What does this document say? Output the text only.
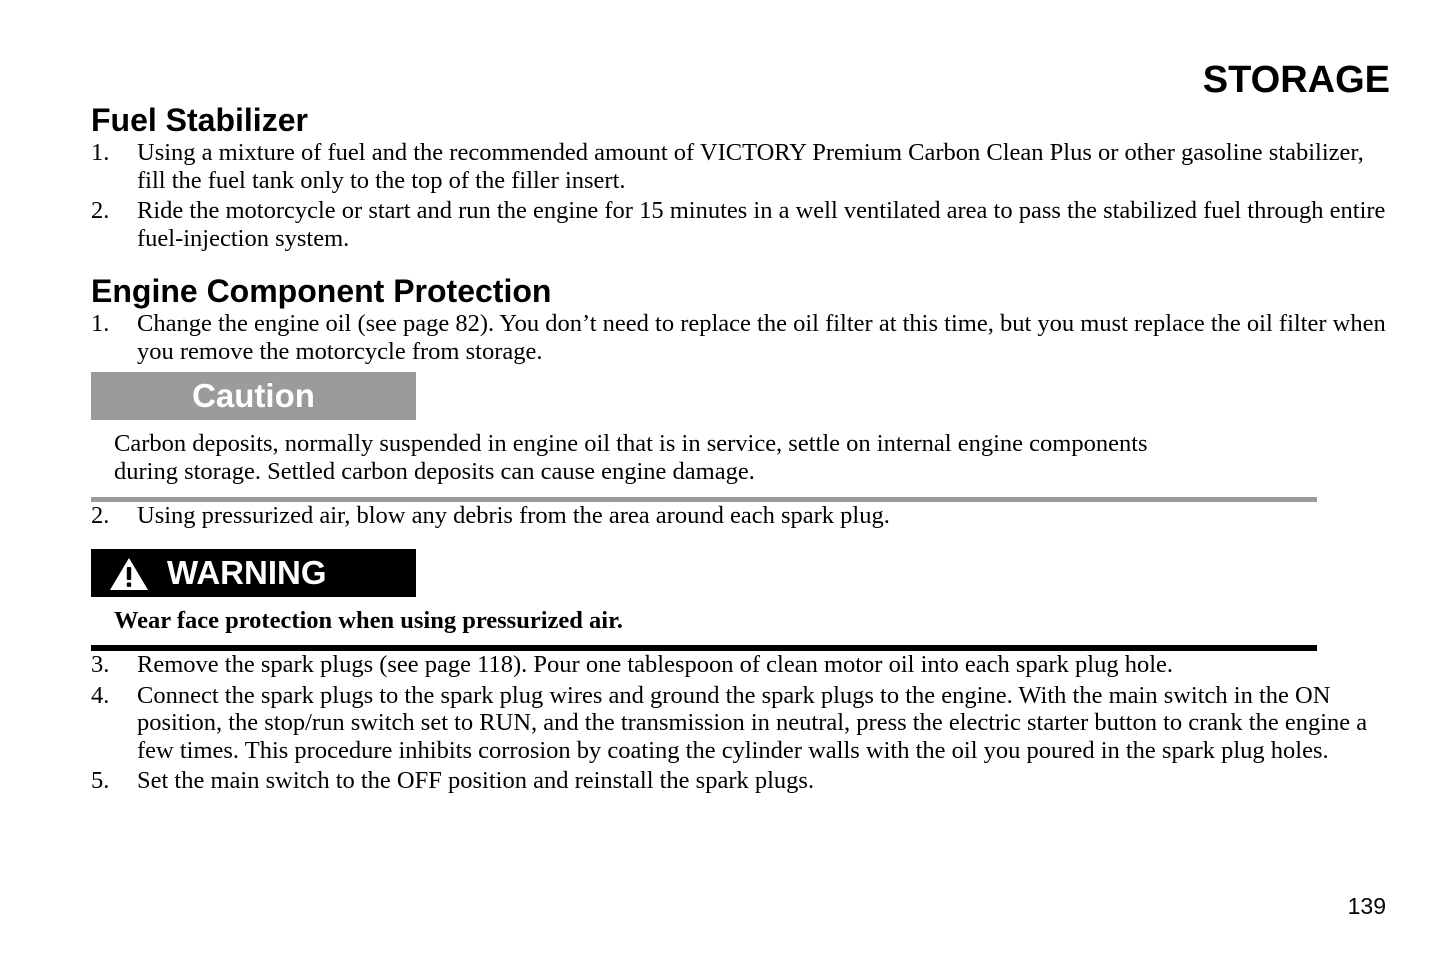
STORAGE
Fuel Stabilizer
1. Using a mixture of fuel and the recommended amount of VICTORY Premium Carbon Clean Plus or other gasoline stabilizer, fill the fuel tank only to the top of the filler insert.
2. Ride the motorcycle or start and run the engine for 15 minutes in a well ventilated area to pass the stabilized fuel through entire fuel-injection system.
Engine Component Protection
1. Change the engine oil (see page 82). You don’t need to replace the oil filter at this time, but you must replace the oil filter when you remove the motorcycle from storage.
Caution
Carbon deposits, normally suspended in engine oil that is in service, settle on internal engine components during storage. Settled carbon deposits can cause engine damage.
2. Using pressurized air, blow any debris from the area around each spark plug.
WARNING
Wear face protection when using pressurized air.
3. Remove the spark plugs (see page 118). Pour one tablespoon of clean motor oil into each spark plug hole.
4. Connect the spark plugs to the spark plug wires and ground the spark plugs to the engine. With the main switch in the ON position, the stop/run switch set to RUN, and the transmission in neutral, press the electric starter button to crank the engine a few times. This procedure inhibits corrosion by coating the cylinder walls with the oil you poured in the spark plug holes.
5. Set the main switch to the OFF position and reinstall the spark plugs.

139
